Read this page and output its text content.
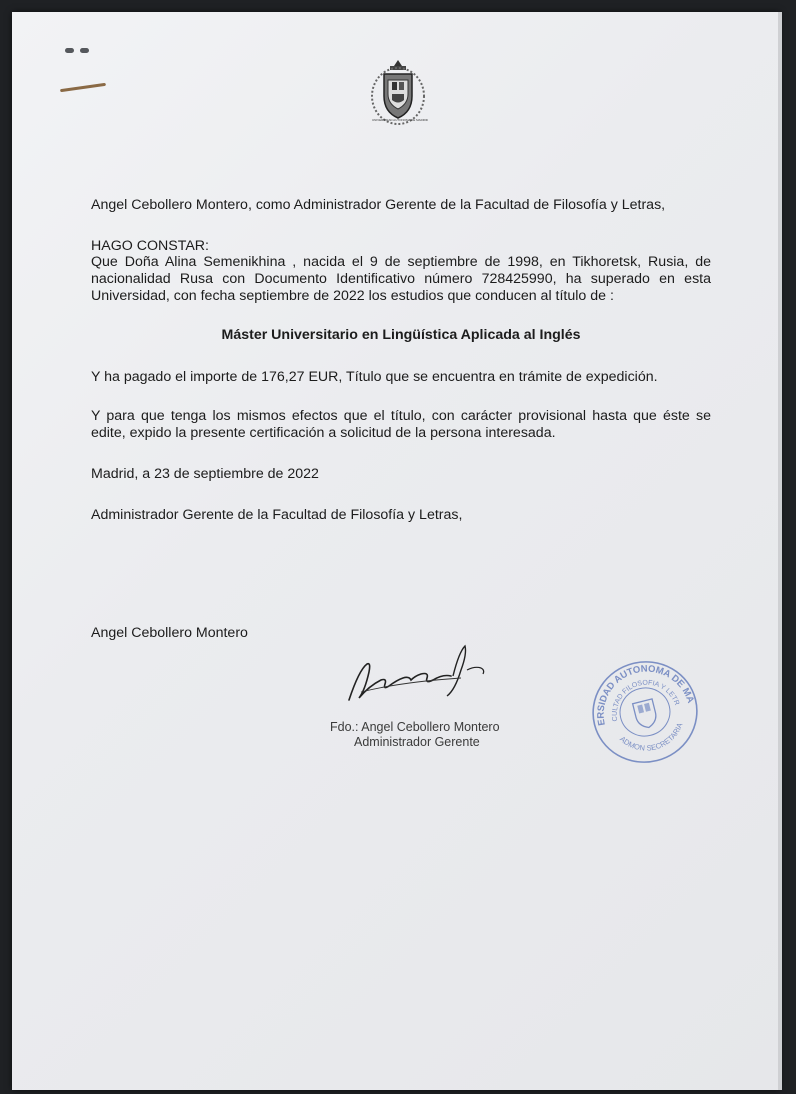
UNIVERSIDAD AUTONOMA DE MADRID
Angel Cebollero Montero, como Administrador Gerente de la Facultad de Filosofía y Letras,
HAGO CONSTAR:
Que Doña Alina Semenikhina , nacida el 9 de septiembre de 1998, en Tikhoretsk, Rusia, de
nacionalidad Rusa con Documento Identificativo número 728425990, ha superado en esta
Universidad, con fecha septiembre de 2022 los estudios que conducen al título de :
Máster Universitario en Lingüística Aplicada al Inglés
Y ha pagado el importe de 176,27 EUR, Título que se encuentra en trámite de expedición.
Y para que tenga los mismos efectos que el título, con carácter provisional hasta que éste se
edite, expido la presente certificación a solicitud de la persona interesada.
Madrid, a 23 de septiembre de 2022
Administrador Gerente de la Facultad de Filosofía y Letras,
Angel Cebollero Montero
Fdo.: Angel Cebollero Montero
Administrador Gerente
UNIVERSIDAD AUTONOMA DE MADRID
FACULTAD FILOSOFIA Y LETRAS
ADMON SECRETARIA
